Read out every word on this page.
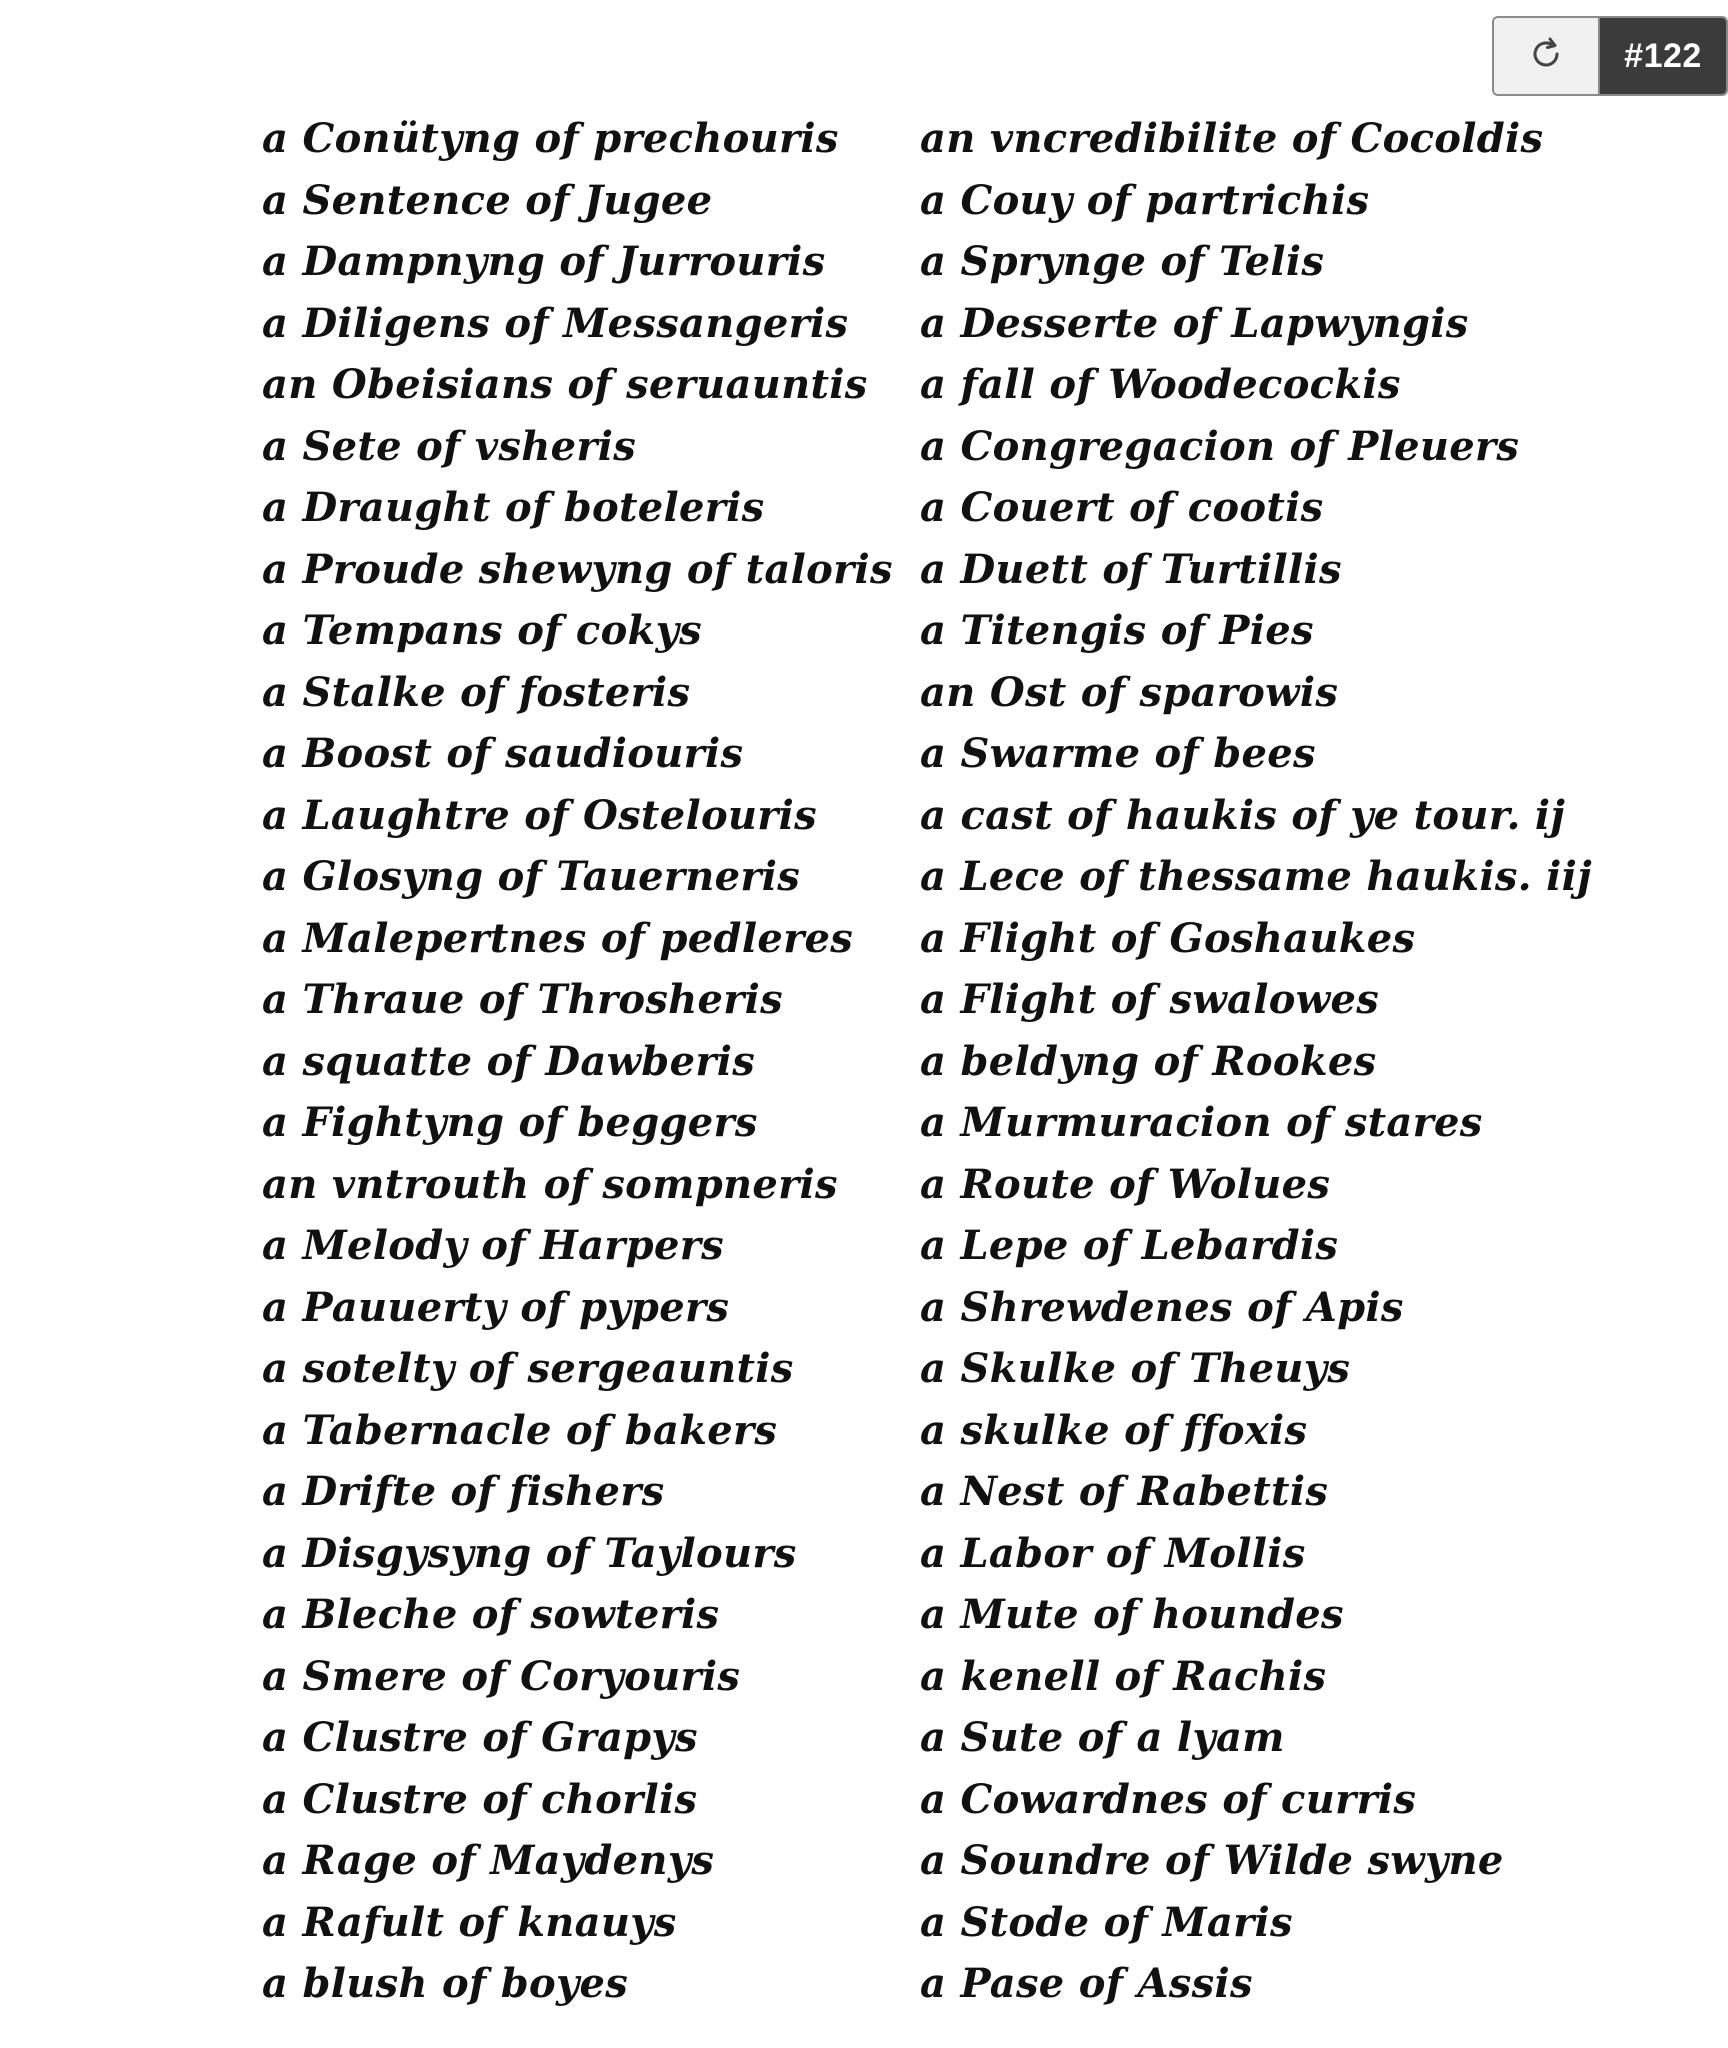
#122
a Conütyng of prechouris
a Sentence of Jugee
a Dampnyng of Jurrouris
a Diligens of Messangeris
an Obeisians of seruauntis
a Sete of vsheris
a Draught of boteleris
a Proude shewyng of taloris
a Tempans of cokys
a Stalke of fosteris
a Boost of saudiouris
a Laughtre of Ostelouris
a Glosyng of Tauerneris
a Malepertnes of pedleres
a Thraue of Throsheris
a squatte of Dawberis
a Fightyng of beggers
an vntrouth of sompneris
a Melody of Harpers
a Pauuerty of pypers
a sotelty of sergeauntis
a Tabernacle of bakers
a Drifte of fishers
a Disgysyng of Taylours
a Bleche of sowteris
a Smere of Coryouris
a Clustre of Grapys
a Clustre of chorlis
a Rage of Maydenys
a Rafult of knauys
a blush of boyes
an vncredibilite of Cocoldis
a Couy of partrichis
a Spryngе of Telis
a Desserte of Lapwyngis
a fall of Woodecockis
a Congregacion of Pleuers
a Couert of cootis
a Duett of Turtillis
a Titengis of Pies
an Ost of sparowis
a Swarme of bees
a cast of haukis of ye tour. ij
a Lece of thessame haukis. iij
a Flight of Goshaukes
a Flight of swalowes
a beldyng of Rookes
a Murmuracion of stares
a Route of Wolues
a Lepe of Lebardis
a Shrewdenes of Apis
a Skulke of Theuys
a skulke of ffoxis
a Nest of Rabettis
a Labor of Mollis
a Mute of houndes
a kenell of Rachis
a Sute of a lyam
a Cowardnes of curris
a Soundre of Wilde swyne
a Stode of Maris
a Pase of Assis
